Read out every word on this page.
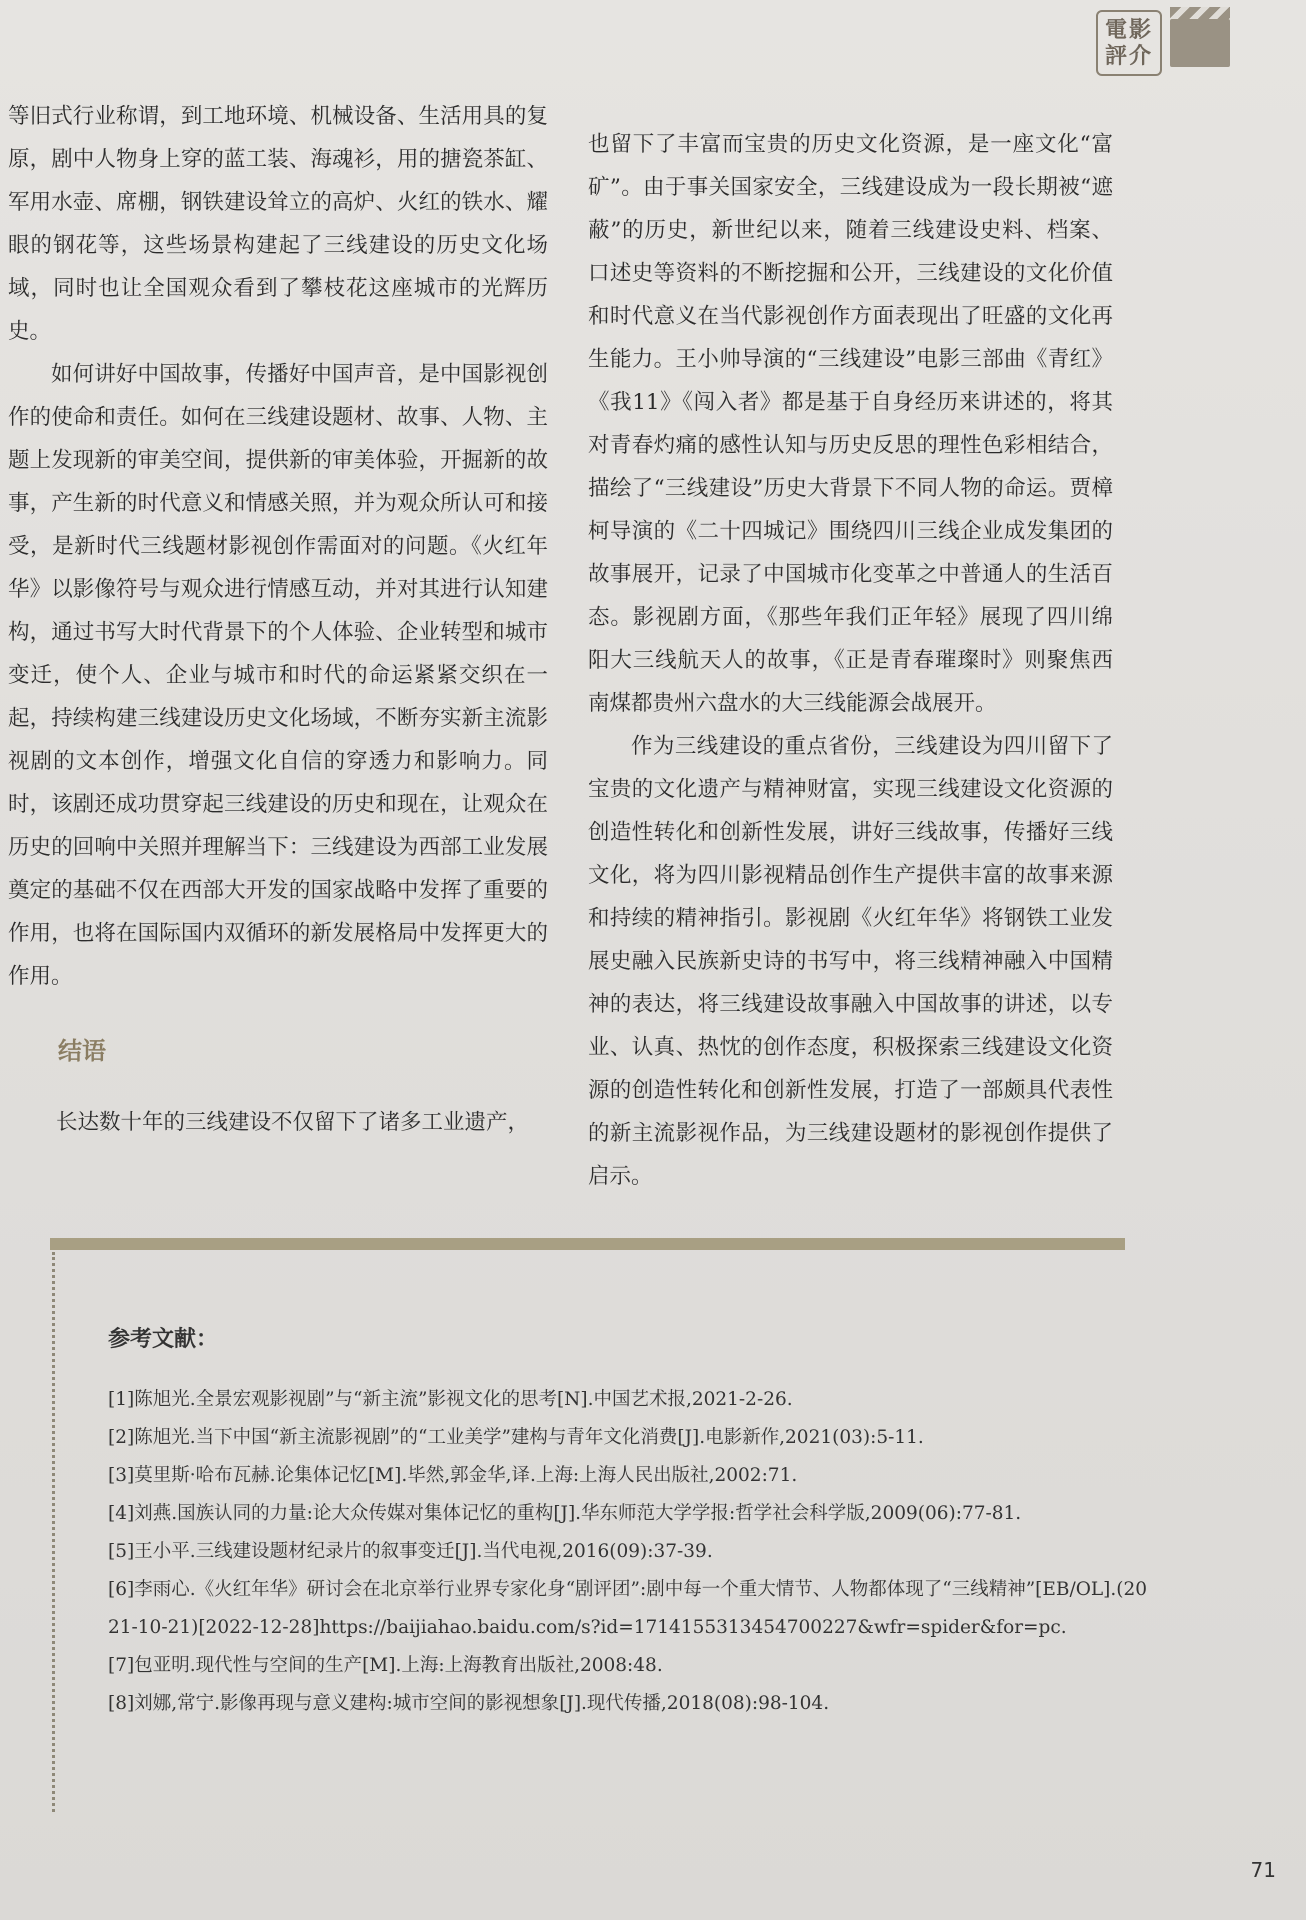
電影評介

等旧式行业称谓，到工地环境、机械设备、生活用具的复原，剧中人物身上穿的蓝工装、海魂衫，用的搪瓷茶缸、军用水壶、席棚，钢铁建设耸立的高炉、火红的铁水、耀眼的钢花等，这些场景构建起了三线建设的历史文化场域，同时也让全国观众看到了攀枝花这座城市的光辉历史。

如何讲好中国故事，传播好中国声音，是中国影视创作的使命和责任。如何在三线建设题材、故事、人物、主题上发现新的审美空间，提供新的审美体验，开掘新的故事，产生新的时代意义和情感关照，并为观众所认可和接受，是新时代三线题材影视创作需面对的问题。《火红年华》以影像符号与观众进行情感互动，并对其进行认知建构，通过书写大时代背景下的个人体验、企业转型和城市变迁，使个人、企业与城市和时代的命运紧紧交织在一起，持续构建三线建设历史文化场域，不断夯实新主流影视剧的文本创作，增强文化自信的穿透力和影响力。同时，该剧还成功贯穿起三线建设的历史和现在，让观众在历史的回响中关照并理解当下：三线建设为西部工业发展奠定的基础不仅在西部大开发的国家战略中发挥了重要的作用，也将在国际国内双循环的新发展格局中发挥更大的作用。

结语

长达数十年的三线建设不仅留下了诸多工业遗产，

也留下了丰富而宝贵的历史文化资源，是一座文化“富矿”。由于事关国家安全，三线建设成为一段长期被“遮蔽”的历史，新世纪以来，随着三线建设史料、档案、口述史等资料的不断挖掘和公开，三线建设的文化价值和时代意义在当代影视创作方面表现出了旺盛的文化再生能力。王小帅导演的“三线建设”电影三部曲《青红》《我11》《闯入者》都是基于自身经历来讲述的，将其对青春灼痛的感性认知与历史反思的理性色彩相结合，描绘了“三线建设”历史大背景下不同人物的命运。贾樟柯导演的《二十四城记》围绕四川三线企业成发集团的故事展开，记录了中国城市化变革之中普通人的生活百态。影视剧方面，《那些年我们正年轻》展现了四川绵阳大三线航天人的故事，《正是青春璀璨时》则聚焦西南煤都贵州六盘水的大三线能源会战展开。

作为三线建设的重点省份，三线建设为四川留下了宝贵的文化遗产与精神财富，实现三线建设文化资源的创造性转化和创新性发展，讲好三线故事，传播好三线文化，将为四川影视精品创作生产提供丰富的故事来源和持续的精神指引。影视剧《火红年华》将钢铁工业发展史融入民族新史诗的书写中，将三线精神融入中国精神的表达，将三线建设故事融入中国故事的讲述，以专业、认真、热忱的创作态度，积极探索三线建设文化资源的创造性转化和创新性发展，打造了一部颇具代表性的新主流影视作品，为三线建设题材的影视创作提供了启示。

参考文献：
[1]陈旭光.全景宏观影视剧”与“新主流”影视文化的思考[N].中国艺术报,2021-2-26.
[2]陈旭光.当下中国“新主流影视剧”的“工业美学”建构与青年文化消费[J].电影新作,2021(03):5-11.
[3]莫里斯·哈布瓦赫.论集体记忆[M].毕然,郭金华,译.上海:上海人民出版社,2002:71.
[4]刘燕.国族认同的力量:论大众传媒对集体记忆的重构[J].华东师范大学学报:哲学社会科学版,2009(06):77-81.
[5]王小平.三线建设题材纪录片的叙事变迁[J].当代电视,2016(09):37-39.
[6]李雨心.《火红年华》研讨会在北京举行业界专家化身“剧评团”:剧中每一个重大情节、人物都体现了“三线精神”[EB/OL].(2021-10-21)[2022-12-28]https://baijiahao.baidu.com/s?id=1714155313454700227&wfr=spider&for=pc.
[7]包亚明.现代性与空间的生产[M].上海:上海教育出版社,2008:48.
[8]刘娜,常宁.影像再现与意义建构:城市空间的影视想象[J].现代传播,2018(08):98-104.
71
